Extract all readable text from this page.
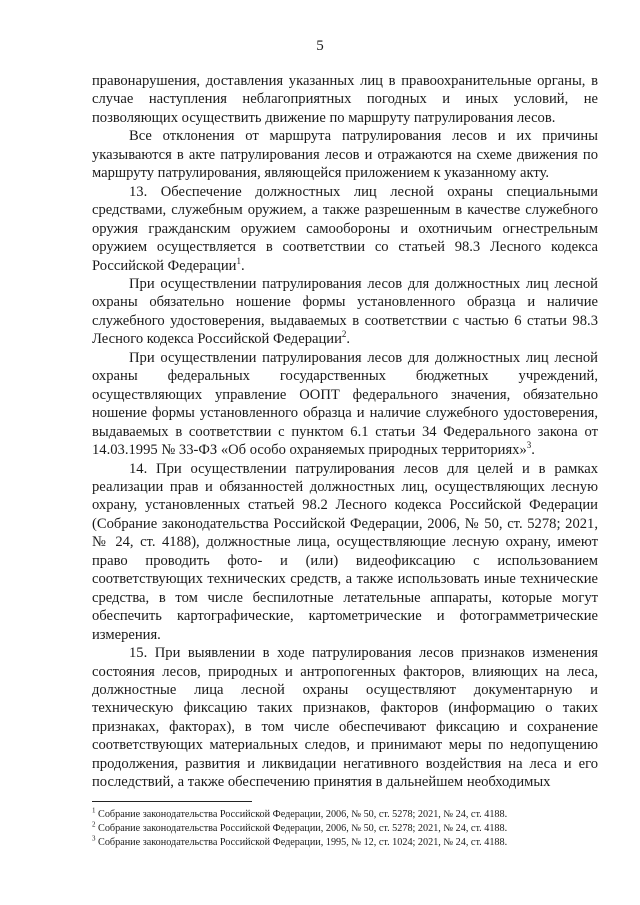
5

правонарушения, доставления указанных лиц в правоохранительные органы, в случае наступления неблагоприятных погодных и иных условий, не позволяющих осуществить движение по маршруту патрулирования лесов.

Все отклонения от маршрута патрулирования лесов и их причины указываются в акте патрулирования лесов и отражаются на схеме движения по маршруту патрулирования, являющейся приложением к указанному акту.

13. Обеспечение должностных лиц лесной охраны специальными средствами, служебным оружием, а также разрешенным в качестве служебного оружия гражданским оружием самообороны и охотничьим огнестрельным оружием осуществляется в соответствии со статьей 98.3 Лесного кодекса Российской Федерации$^1$.

При осуществлении патрулирования лесов для должностных лиц лесной охраны обязательно ношение формы установленного образца и наличие служебного удостоверения, выдаваемых в соответствии с частью 6 статьи 98.3 Лесного кодекса Российской Федерации$^2$.

При осуществлении патрулирования лесов для должностных лиц лесной охраны федеральных государственных бюджетных учреждений, осуществляющих управление ООПТ федерального значения, обязательно ношение формы установленного образца и наличие служебного удостоверения, выдаваемых в соответствии с пунктом 6.1 статьи 34 Федерального закона от 14.03.1995 № 33-ФЗ «Об особо охраняемых природных территориях»$^3$.

14. При осуществлении патрулирования лесов для целей и в рамках реализации прав и обязанностей должностных лиц, осуществляющих лесную охрану, установленных статьей 98.2 Лесного кодекса Российской Федерации (Собрание законодательства Российской Федерации, 2006, № 50, ст. 5278; 2021, № 24, ст. 4188), должностные лица, осуществляющие лесную охрану, имеют право проводить фото- и (или) видеофиксацию с использованием соответствующих технических средств, а также использовать иные технические средства, в том числе беспилотные летательные аппараты, которые могут обеспечить картографические, картометрические и фотограмметрические измерения.

15. При выявлении в ходе патрулирования лесов признаков изменения состояния лесов, природных и антропогенных факторов, влияющих на леса, должностные лица лесной охраны осуществляют документарную и техническую фиксацию таких признаков, факторов (информацию о таких признаках, факторах), в том числе обеспечивают фиксацию и сохранение соответствующих материальных следов, и принимают меры по недопущению продолжения, развития и ликвидации негативного воздействия на леса и его последствий, а также обеспечению принятия в дальнейшем необходимых

$^1$ Собрание законодательства Российской Федерации, 2006, № 50, ст. 5278; 2021, № 24, ст. 4188.

$^2$ Собрание законодательства Российской Федерации, 2006, № 50, ст. 5278; 2021, № 24, ст. 4188.

$^3$ Собрание законодательства Российской Федерации, 1995, № 12, ст. 1024; 2021, № 24, ст. 4188.
